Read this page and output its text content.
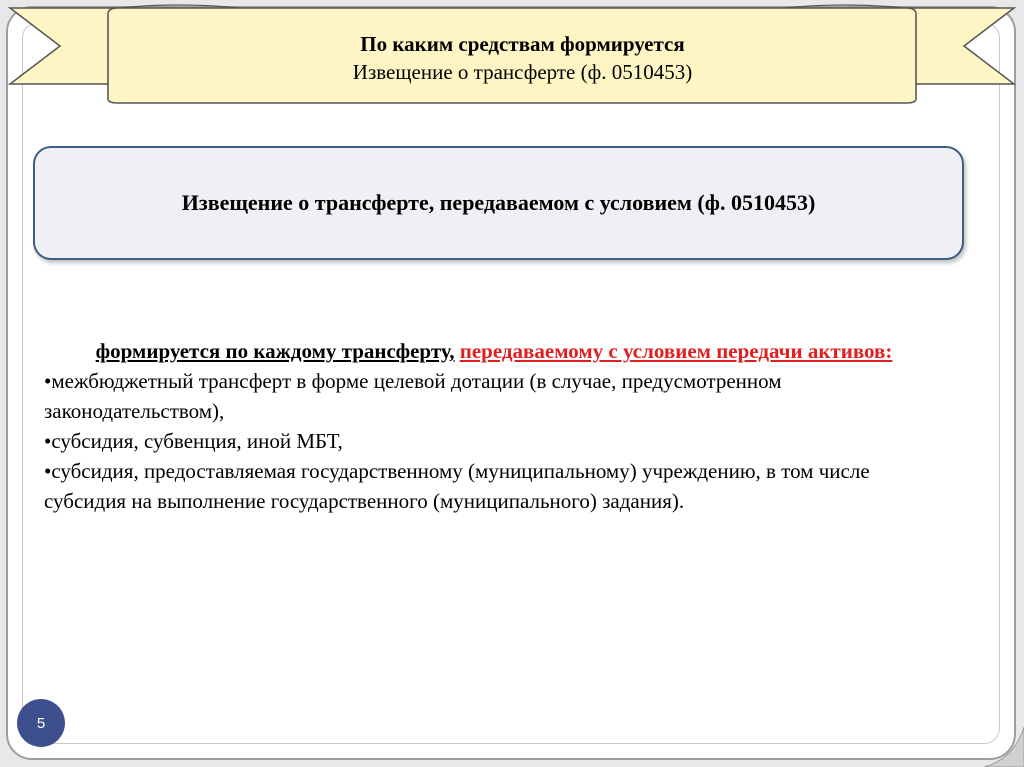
По каким средствам формируется
Извещение о трансферте (ф. 0510453)
Извещение о трансферте, передаваемом с условием (ф. 0510453)
формируется по каждому трансферту, передаваемому с условием передачи активов:

•межбюджетный трансферт в форме целевой дотации (в случае, предусмотренном законодательством),

•субсидия, субвенция, иной МБТ,

•субсидия, предоставляемая государственному (муниципальному) учреждению, в том числе субсидия на выполнение государственного (муниципального) задания).

5
